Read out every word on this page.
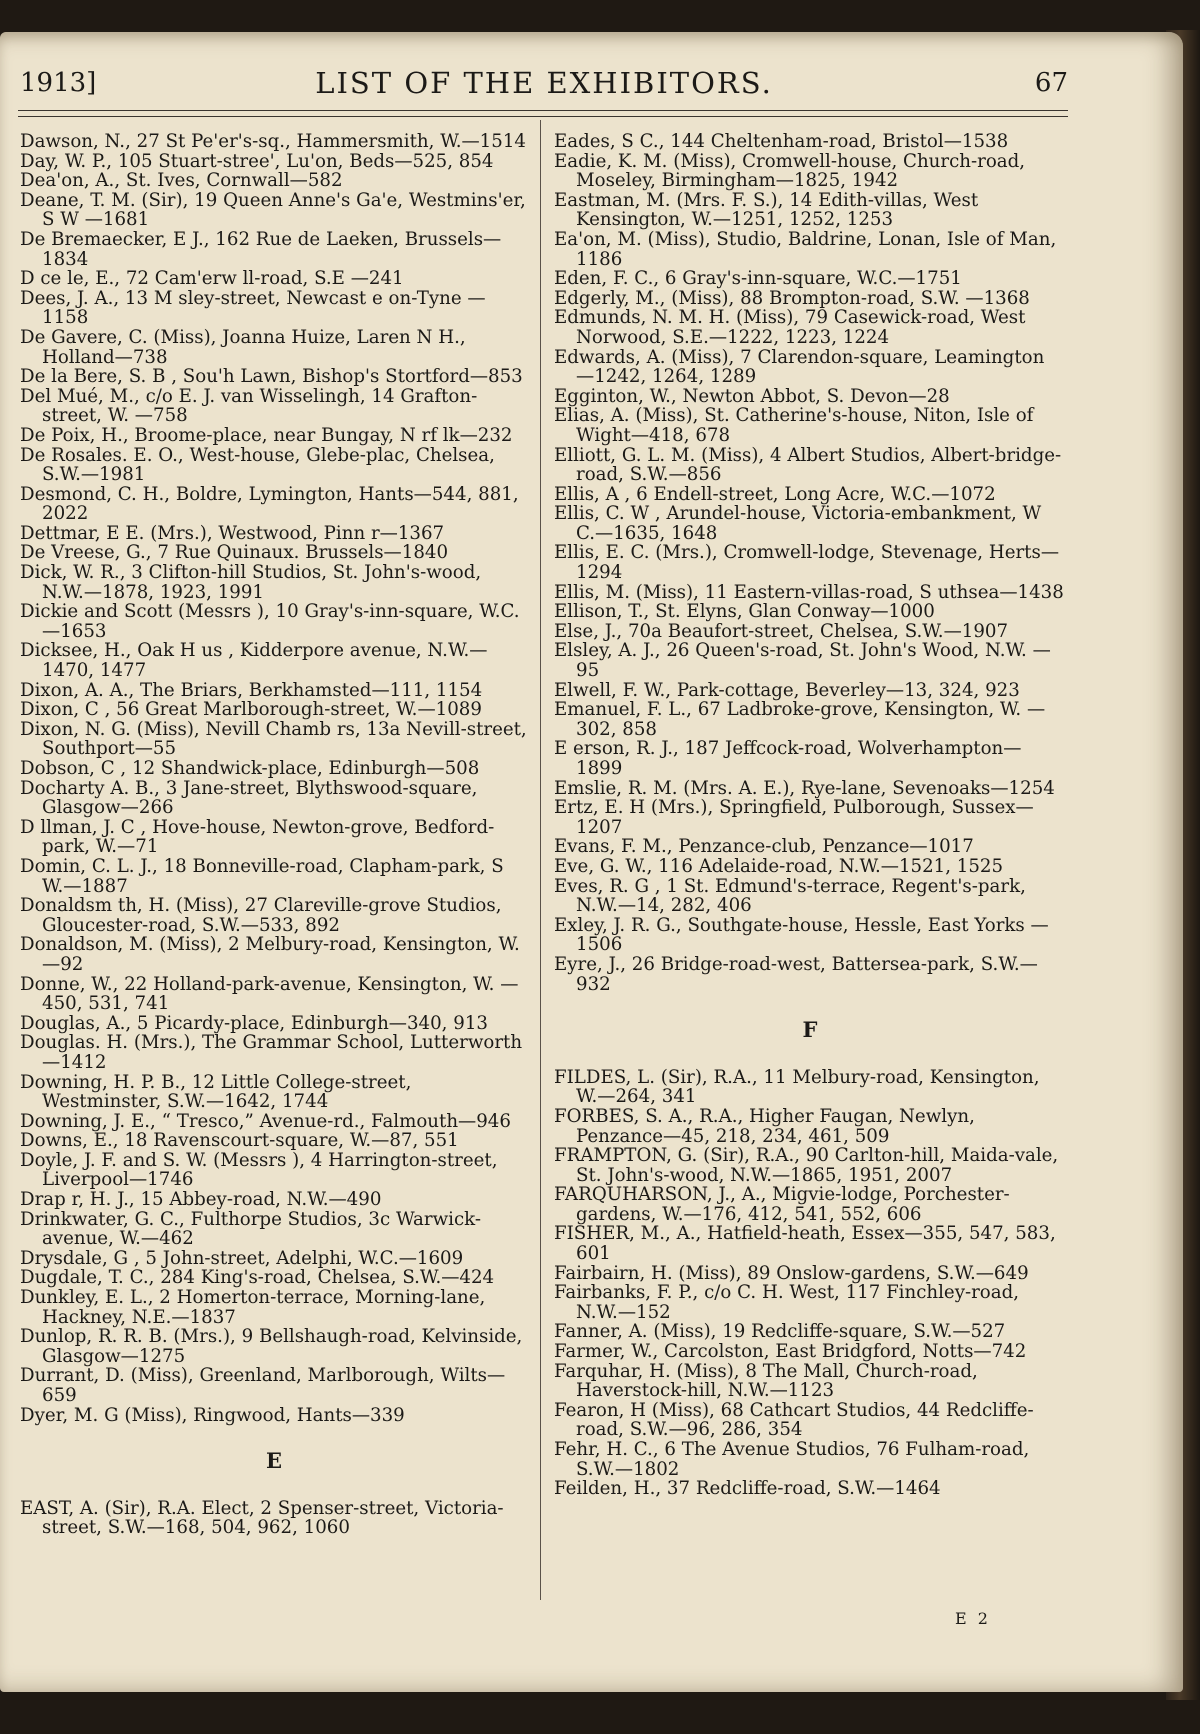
1913]	LIST OF THE EXHIBITORS.	67

Dawson, N., 27 St Pe'er's-sq., Hammersmith, W.—1514

Day, W. P., 105 Stuart-stree', Lu'on, Beds—525, 854

Dea'on, A., St. Ives, Cornwall—582

Deane, T. M. (Sir), 19 Queen Anne's Ga'e, Westmins'er, S W —1681

De Bremaecker, E J., 162 Rue de Laeken, Brussels—1834

D ce le, E., 72 Cam'erw ll-road, S.E —241

Dees, J. A., 13 M sley-street, Newcast e on-Tyne —1158

De Gavere, C. (Miss), Joanna Huize, Laren N H., Holland—738

De la Bere, S. B , Sou'h Lawn, Bishop's Stortford—853

Del Mué, M., c/o E. J. van Wisselingh, 14 Grafton-street, W. —758

De Poix, H., Broome-place, near Bungay, N rf lk—232

De Rosales. E. O., West-house, Glebe-plac, Chelsea, S.W.—1981

Desmond, C. H., Boldre, Lymington, Hants—544, 881, 2022

Dettmar, E E. (Mrs.), Westwood, Pinn r—1367

De Vreese, G., 7 Rue Quinaux. Brussels—1840

Dick, W. R., 3 Clifton-hill Studios, St. John's-wood, N.W.—1878, 1923, 1991

Dickie and Scott (Messrs ), 10 Gray's-inn-square, W.C.—1653

Dicksee, H., Oak H us , Kidderpore avenue, N.W.—1470, 1477

Dixon, A. A., The Briars, Berkhamsted—111, 1154

Dixon, C , 56 Great Marlborough-street, W.—1089

Dixon, N. G. (Miss), Nevill Chamb rs, 13a Nevill-street, Southport—55

Dobson, C , 12 Shandwick-place, Edinburgh—508

Docharty A. B., 3 Jane-street, Blythswood-square, Glasgow—266

D llman, J. C , Hove-house, Newton-grove, Bedford-park, W.—71

Domin, C. L. J., 18 Bonneville-road, Clapham-park, S W.—1887

Donaldsm th, H. (Miss), 27 Clareville-grove Studios, Gloucester-road, S.W.—533, 892

Donaldson, M. (Miss), 2 Melbury-road, Kensington, W.—92

Donne, W., 22 Holland-park-avenue, Kensington, W. —450, 531, 741

Douglas, A., 5 Picardy-place, Edinburgh—340, 913

Douglas. H. (Mrs.), The Grammar School, Lutterworth —1412

Downing, H. P. B., 12 Little College-street, Westminster, S.W.—1642, 1744

Downing, J. E., “ Tresco,” Avenue-rd., Falmouth—946

Downs, E., 18 Ravenscourt-square, W.—87, 551

Doyle, J. F. and S. W. (Messrs ), 4 Harrington-street, Liverpool—1746

Drap r, H. J., 15 Abbey-road, N.W.—490

Drinkwater, G. C., Fulthorpe Studios, 3c Warwick-avenue, W.—462

Drysdale, G , 5 John-street, Adelphi, W.C.—1609

Dugdale, T. C., 284 King's-road, Chelsea, S.W.—424

Dunkley, E. L., 2 Homerton-terrace, Morning-lane, Hackney, N.E.—1837

Dunlop, R. R. B. (Mrs.), 9 Bellshaugh-road, Kelvinside, Glasgow—1275

Durrant, D. (Miss), Greenland, Marlborough, Wilts—659

Dyer, M. G (Miss), Ringwood, Hants—339

E

EAST, A. (Sir), R.A. Elect, 2 Spenser-street, Victoria-street, S.W.—168, 504, 962, 1060

Eades, S C., 144 Cheltenham-road, Bristol—1538

Eadie, K. M. (Miss), Cromwell-house, Church-road, Moseley, Birmingham—1825, 1942

Eastman, M. (Mrs. F. S.), 14 Edith-villas, West Kensington, W.—1251, 1252, 1253

Ea'on, M. (Miss), Studio, Baldrine, Lonan, Isle of Man, 1186

Eden, F. C., 6 Gray's-inn-square, W.C.—1751

Edgerly, M., (Miss), 88 Brompton-road, S.W. —1368

Edmunds, N. M. H. (Miss), 79 Casewick-road, West Norwood, S.E.—1222, 1223, 1224

Edwards, A. (Miss), 7 Clarendon-square, Leamington —1242, 1264, 1289

Egginton, W., Newton Abbot, S. Devon—28

Elias, A. (Miss), St. Catherine's-house, Niton, Isle of Wight—418, 678

Elliott, G. L. M. (Miss), 4 Albert Studios, Albert-bridge-road, S.W.—856

Ellis, A , 6 Endell-street, Long Acre, W.C.—1072

Ellis, C. W , Arundel-house, Victoria-embankment, W C.—1635, 1648

Ellis, E. C. (Mrs.), Cromwell-lodge, Stevenage, Herts—1294

Ellis, M. (Miss), 11 Eastern-villas-road, S uthsea—1438

Ellison, T., St. Elyns, Glan Conway—1000

Else, J., 70a Beaufort-street, Chelsea, S.W.—1907

Elsley, A. J., 26 Queen's-road, St. John's Wood, N.W. —95

Elwell, F. W., Park-cottage, Beverley—13, 324, 923

Emanuel, F. L., 67 Ladbroke-grove, Kensington, W. —302, 858

E erson, R. J., 187 Jeffcock-road, Wolverhampton—1899

Emslie, R. M. (Mrs. A. E.), Rye-lane, Sevenoaks—1254

Ertz, E. H (Mrs.), Springfield, Pulborough, Sussex—1207

Evans, F. M., Penzance-club, Penzance—1017

Eve, G. W., 116 Adelaide-road, N.W.—1521, 1525

Eves, R. G , 1 St. Edmund's-terrace, Regent's-park, N.W.—14, 282, 406

Exley, J. R. G., Southgate-house, Hessle, East Yorks —1506

Eyre, J., 26 Bridge-road-west, Battersea-park, S.W.—932

F

FILDES, L. (Sir), R.A., 11 Melbury-road, Kensington, W.—264, 341

FORBES, S. A., R.A., Higher Faugan, Newlyn, Penzance—45, 218, 234, 461, 509

FRAMPTON, G. (Sir), R.A., 90 Carlton-hill, Maida-vale, St. John's-wood, N.W.—1865, 1951, 2007

FARQUHARSON, J., A., Migvie-lodge, Porchester-gardens, W.—176, 412, 541, 552, 606

FISHER, M., A., Hatfield-heath, Essex—355, 547, 583, 601

Fairbairn, H. (Miss), 89 Onslow-gardens, S.W.—649

Fairbanks, F. P., c/o C. H. West, 117 Finchley-road, N.W.—152

Fanner, A. (Miss), 19 Redcliffe-square, S.W.—527

Farmer, W., Carcolston, East Bridgford, Notts—742

Farquhar, H. (Miss), 8 The Mall, Church-road, Haverstock-hill, N.W.—1123

Fearon, H (Miss), 68 Cathcart Studios, 44 Redcliffe-road, S.W.—96, 286, 354

Fehr, H. C., 6 The Avenue Studios, 76 Fulham-road, S.W.—1802

Feilden, H., 37 Redcliffe-road, S.W.—1464

E 2
